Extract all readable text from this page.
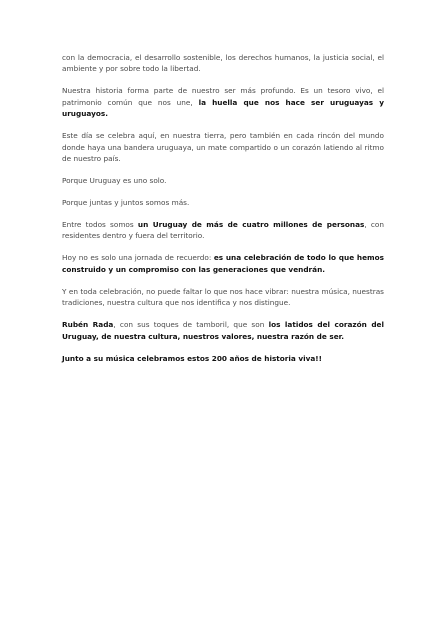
con la democracia, el desarrollo sostenible, los derechos humanos, la justicia social, el ambiente y por sobre todo la libertad.

Nuestra historia forma parte de nuestro ser más profundo. Es un tesoro vivo, el patrimonio común que nos une, la huella que nos hace ser uruguayas y uruguayos.

Este día se celebra aquí, en nuestra tierra, pero también en cada rincón del mundo donde haya una bandera uruguaya, un mate compartido o un corazón latiendo al ritmo de nuestro país.

Porque Uruguay es uno solo.

Porque juntas y juntos somos más.

Entre todos somos un Uruguay de más de cuatro millones de personas, con residentes dentro y fuera del territorio.

Hoy no es solo una jornada de recuerdo: es una celebración de todo lo que hemos construido y un compromiso con las generaciones que vendrán.

Y en toda celebración, no puede faltar lo que nos hace vibrar: nuestra música, nuestras tradiciones, nuestra cultura que nos identifica y nos distingue.

Rubén Rada, con sus toques de tamboril, que son los latidos del corazón del Uruguay, de nuestra cultura, nuestros valores, nuestra razón de ser.

Junto a su música celebramos estos 200 años de historia viva!!
